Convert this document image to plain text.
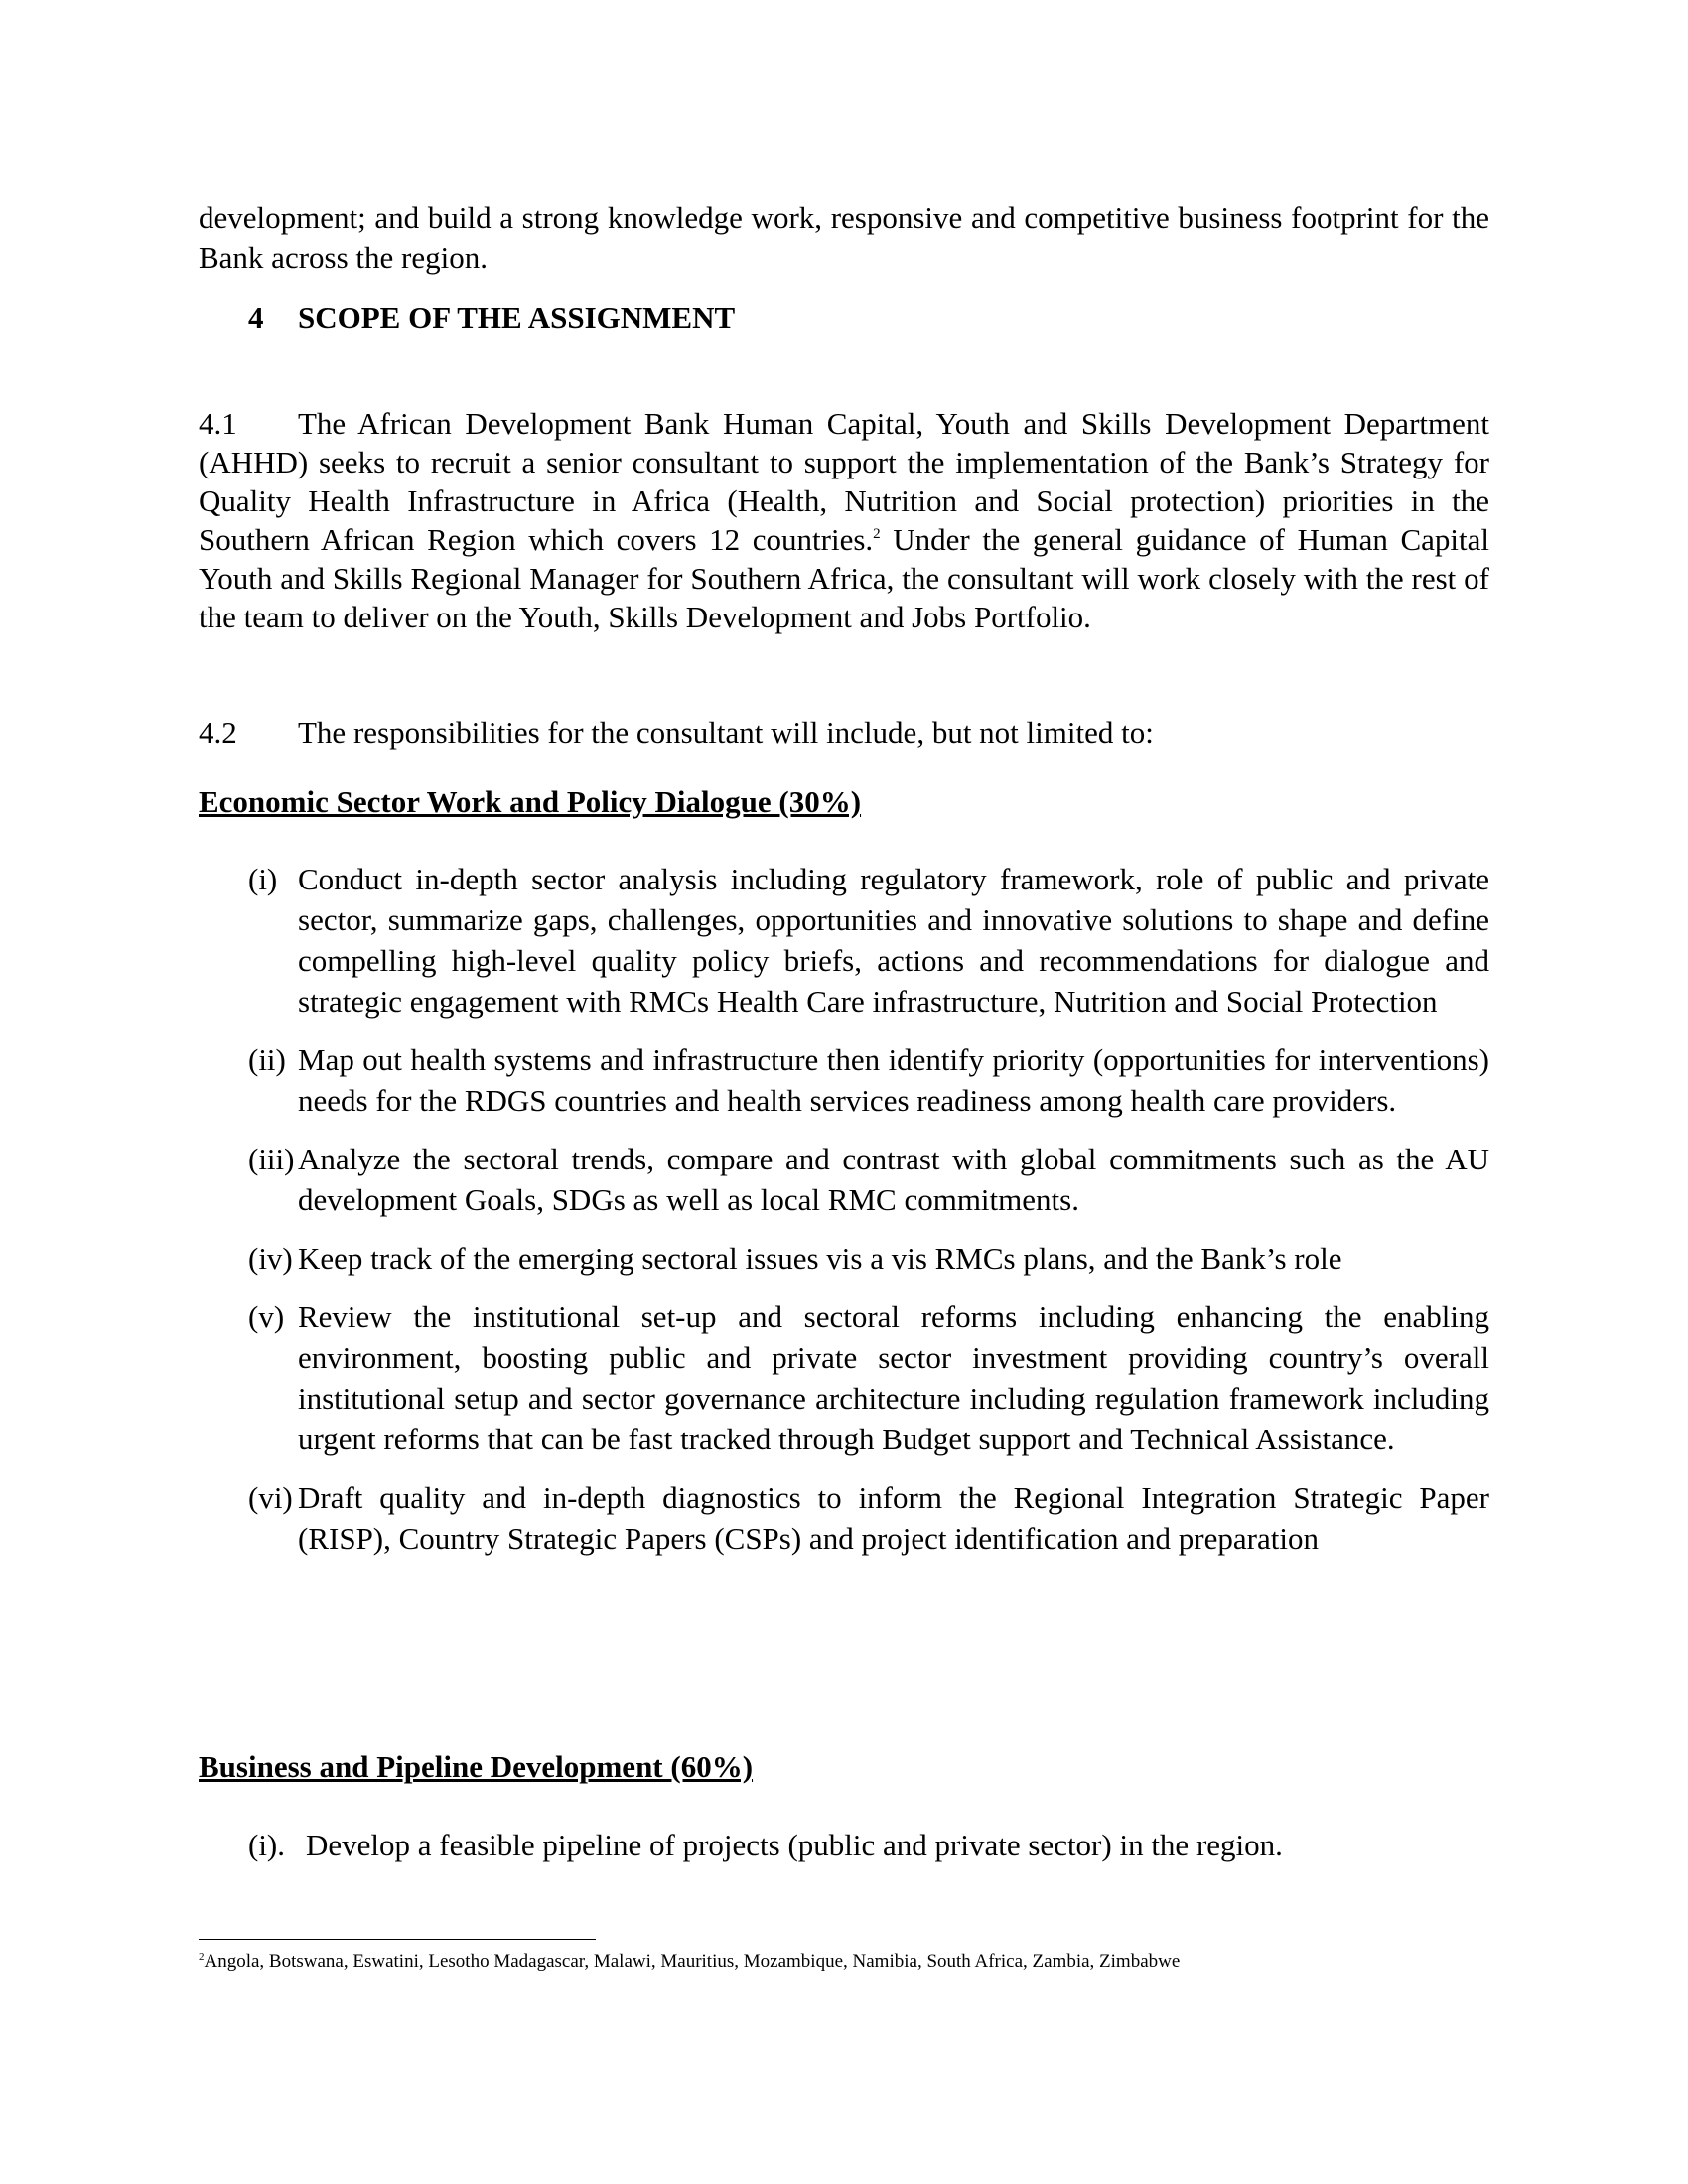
development; and build a strong knowledge work, responsive and competitive business footprint for the Bank across the region.

4 SCOPE OF THE ASSIGNMENT

4.1 The African Development Bank Human Capital, Youth and Skills Development Department (AHHD) seeks to recruit a senior consultant to support the implementation of the Bank’s Strategy for Quality Health Infrastructure in Africa (Health, Nutrition and Social protection) priorities in the Southern African Region which covers 12 countries.$^2$ Under the general guidance of Human Capital Youth and Skills Regional Manager for Southern Africa, the consultant will work closely with the rest of the team to deliver on the Youth, Skills Development and Jobs Portfolio.

4.2 The responsibilities for the consultant will include, but not limited to:

Economic Sector Work and Policy Dialogue (30%)
(i) Conduct in-depth sector analysis including regulatory framework, role of public and private sector, summarize gaps, challenges, opportunities and innovative solutions to shape and define compelling high-level quality policy briefs, actions and recommendations for dialogue and strategic engagement with RMCs Health Care infrastructure, Nutrition and Social Protection
(ii) Map out health systems and infrastructure then identify priority (opportunities for interventions) needs for the RDGS countries and health services readiness among health care providers.
(iii) Analyze the sectoral trends, compare and contrast with global commitments such as the AU development Goals, SDGs as well as local RMC commitments.
(iv) Keep track of the emerging sectoral issues vis a vis RMCs plans, and the Bank’s role
(v) Review the institutional set-up and sectoral reforms including enhancing the enabling environment, boosting public and private sector investment providing country’s overall institutional setup and sector governance architecture including regulation framework including urgent reforms that can be fast tracked through Budget support and Technical Assistance.
(vi) Draft quality and in-depth diagnostics to inform the Regional Integration Strategic Paper (RISP), Country Strategic Papers (CSPs) and project identification and preparation
Business and Pipeline Development (60%)
(i). Develop a feasible pipeline of projects (public and private sector) in the region.
$^2$Angola, Botswana, Eswatini, Lesotho Madagascar, Malawi, Mauritius, Mozambique, Namibia, South Africa, Zambia, Zimbabwe
